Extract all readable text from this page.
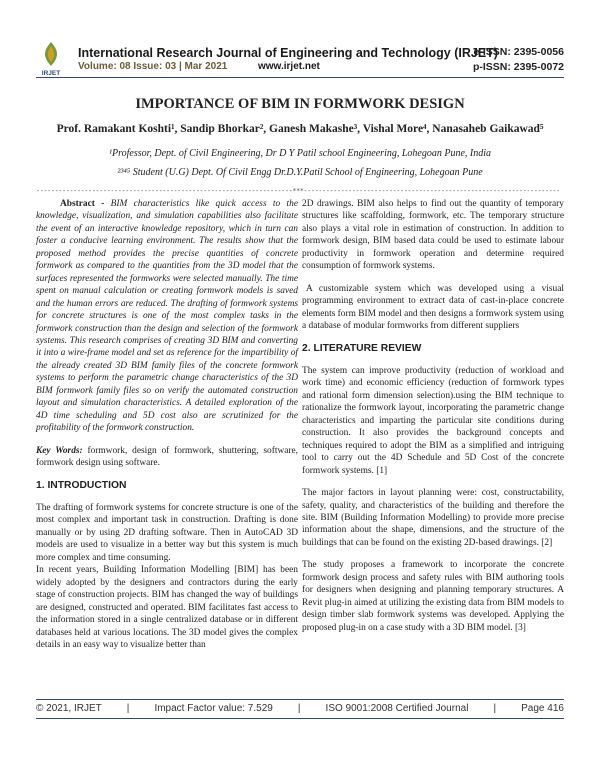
IRJET
International Research Journal of Engineering and Technology (IRJET)
Volume: 08 Issue: 03 | Mar 2021	www.irjet.net
e-ISSN: 2395-0056
p-ISSN: 2395-0072
IMPORTANCE OF BIM IN FORMWORK DESIGN
Prof. Ramakant Koshti¹, Sandip Bhorkar², Ganesh Makashe³, Vishal More⁴, Nanasaheb Gaikawad⁵
¹Professor, Dept. of Civil Engineering, Dr D Y Patil school Engineering, Lohegoan Pune, India
²³⁴⁵ Student (U.G) Dept. Of Civil Engg Dr.D.Y.Patil School of Engineering, Lohegoan Pune
---------------------------------------------------------------------***---------------------------------------------------------------------

Abstract - BIM characteristics like quick access to the knowledge, visualization, and simulation capabilities also facilitate the event of an interactive knowledge repository, which in turn can foster a conducive learning environment. The results show that the proposed method provides the precise quantities of concrete formwork as compared to the quantities from the 3D model that the surfaces represented the formworks were selected manually. The time spent on manual calculation or creating formwork models is saved and the human errors are reduced. The drafting of formwork systems for concrete structures is one of the most complex tasks in the formwork construction than the design and selection of the formwork systems. This research comprises of creating 3D BIM and converting it into a wire-frame model and set as reference for the impartibility of the already created 3D BIM family files of the concrete formwork systems to perform the parametric change characteristics of the 3D BIM formwork family files so on verify the automated construction layout and simulation characteristics. A detailed exploration of the 4D time scheduling and 5D cost also are scrutinized for the profitability of the formwork construction.

Key Words: formwork, design of formwork, shuttering, software, formwork design using software.

1. INTRODUCTION

The drafting of formwork systems for concrete structure is one of the most complex and important task in construction. Drafting is done manually or by using 2D drafting software. Then in AutoCAD 3D models are used to visualize in a better way but this system is much more complex and time consuming.

In recent years, Building Information Modelling [BIM] has been widely adopted by the designers and contractors during the early stage of construction projects. BIM has changed the way of buildings are designed, constructed and operated. BIM facilitates fast access to the information stored in a single centralized database or in different databases held at various locations. The 3D model gives the complex details in an easy way to visualize better than

2D drawings. BIM also helps to find out the quantity of temporary structures like scaffolding, formwork, etc. The temporary structure also plays a vital role in estimation of construction. In addition to formwork design, BIM based data could be used to estimate labour productivity in formwork operation and determine required consumption of formwork systems.

A customizable system which was developed using a visual programming environment to extract data of cast-in-place concrete elements form BIM model and then designs a formwork system using a database of modular formworks from different suppliers

2. LITERATURE REVIEW

The system can improve productivity (reduction of workload and work time) and economic efficiency (reduction of formwork types and rational form dimension selection).using the BIM technique to rationalize the formwork layout, incorporating the parametric change characteristics and imparting the particular site conditions during construction. It also provides the background concepts and techniques required to adopt the BIM as a simplified and intriguing tool to carry out the 4D Schedule and 5D Cost of the concrete formwork systems. [1]

The major factors in layout planning were: cost, constructability, safety, quality, and characteristics of the building and therefore the site. BIM (Building Information Modelling) to provide more precise information about the shape, dimensions, and the structure of the buildings that can be found on the existing 2D-based drawings. [2]

The study proposes a framework to incorporate the concrete formwork design process and safety rules with BIM authoring tools for designers when designing and planning temporary structures. A Revit plug-in aimed at utilizing the existing data from BIM models to design timber slab formwork systems was developed. Applying the proposed plug-in on a case study with a 3D BIM model. [3]

© 2021, IRJET	|	Impact Factor value: 7.529	|	ISO 9001:2008 Certified Journal	|	Page 416
